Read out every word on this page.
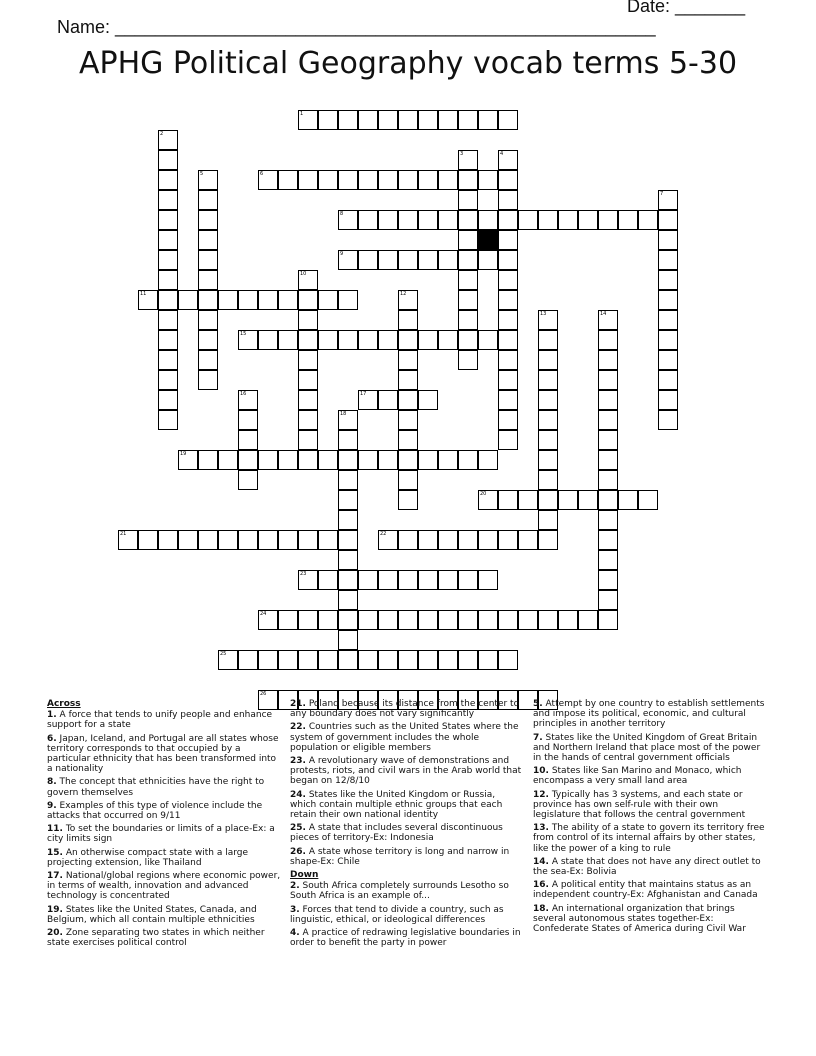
Name: ______________________________________________________

Date: _______

APHG Political Geography vocab terms 5-30
1
2
3	4
5	6
7
8
9
10
11	12
13	14
15
16	17
18
19
20
21	22
23
24
25
26
Across
1. A force that tends to unify people and enhance support for a state
6. Japan, Iceland, and Portugal are all states whose territory corresponds to that occupied by a particular ethnicity that has been transformed into a nationality
8. The concept that ethnicities have the right to govern themselves
9. Examples of this type of violence include the attacks that occurred on 9/11
11. To set the boundaries or limits of a place-Ex: a city limits sign
15. An otherwise compact state with a large projecting extension, like Thailand
17. National/global regions where economic power, in terms of wealth, innovation and advanced technology is concentrated
19. States like the United States, Canada, and Belgium, which all contain multiple ethnicities
20. Zone separating two states in which neither state exercises political control
21. Poland because its distance from the center to any boundary does not vary significantly
22. Countries such as the United States where the system of government includes the whole population or eligible members
23. A revolutionary wave of demonstrations and protests, riots, and civil wars in the Arab world that began on 12/8/10
24. States like the United Kingdom or Russia, which contain multiple ethnic groups that each retain their own national identity
25. A state that includes several discontinuous pieces of territory-Ex: Indonesia
26. A state whose territory is long and narrow in shape-Ex: Chile
Down
2. South Africa completely surrounds Lesotho so South Africa is an example of...
3. Forces that tend to divide a country, such as linguistic, ethical, or ideological differences
4. A practice of redrawing legislative boundaries in order to benefit the party in power
5. Attempt by one country to establish settlements and impose its political, economic, and cultural principles in another territory
7. States like the United Kingdom of Great Britain and Northern Ireland that place most of the power in the hands of central government officials
10. States like San Marino and Monaco, which encompass a very small land area
12. Typically has 3 systems, and each state or province has own self-rule with their own legislature that follows the central government
13. The ability of a state to govern its territory free from control of its internal affairs by other states, like the power of a king to rule
14. A state that does not have any direct outlet to the sea-Ex: Bolivia
16. A political entity that maintains status as an independent country-Ex: Afghanistan and Canada
18. An international organization that brings several autonomous states together-Ex: Confederate States of America during Civil War
